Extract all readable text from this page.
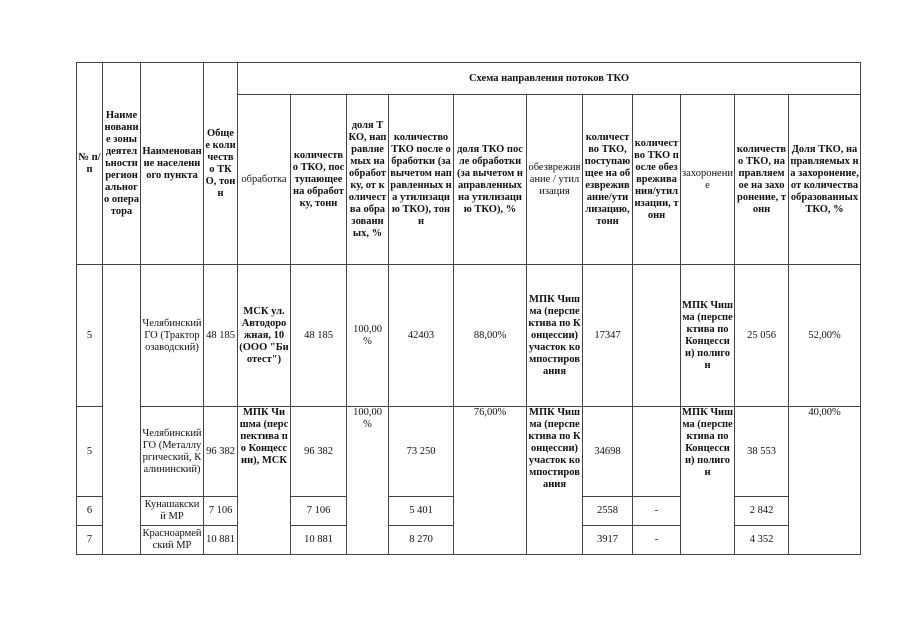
№ п/п	Наименование зоны деятельности регионального оператора	Наименование населенного пункта	Общее количество ТКО, тонн	Схема направления потоков ТКО										
				обработка	количество ТКО, поступающее на обработку, тонн	доля ТКО, направляемых на обработку, от количества образованных, %	количество ТКО после обработки (за вычетом направленных на утилизацию ТКО), тонн	доля ТКО после обработки (за вычетом направленных на утилизацию ТКО), %	обезвреживание / утилизация	количество ТКО, поступающее на обезвреживание/утилизацию, тонн	количество ТКО после обезвреживания/утилизации, тонн	захоронение	количество ТКО, направляемое на захоронение, тонн	Доля ТКО, направляемых на захоронение, от количества образованных ТКО, %
5		Челябинский ГО (Тракторозаводский)	48 185	МСК ул. Автодорожная, 10 (ООО "Биотест")	48 185	100,00 %	42403	88,00%	МПК Чишма (перспектива по Концессии) участок компостирования	17347		МПК Чишма (перспектива по Концессии) полигон	25 056	52,00%
5		Челябинский ГО (Металлургический, Калининский)	96 382	МПК Чишма (перспектива по Концессии), МСК	96 382	100,00 %	73 250	76,00%	МПК Чишма (перспектива по Концессии) участок компостирования	34698		МПК Чишма (перспектива по Концессии) полигон	38 553	40,00%
6		Кунашакский МР	7 106		7 106		5 401			2558	-		2 842	
7		Красноармейский МР	10 881		10 881		8 270			3917	-		4 352	
